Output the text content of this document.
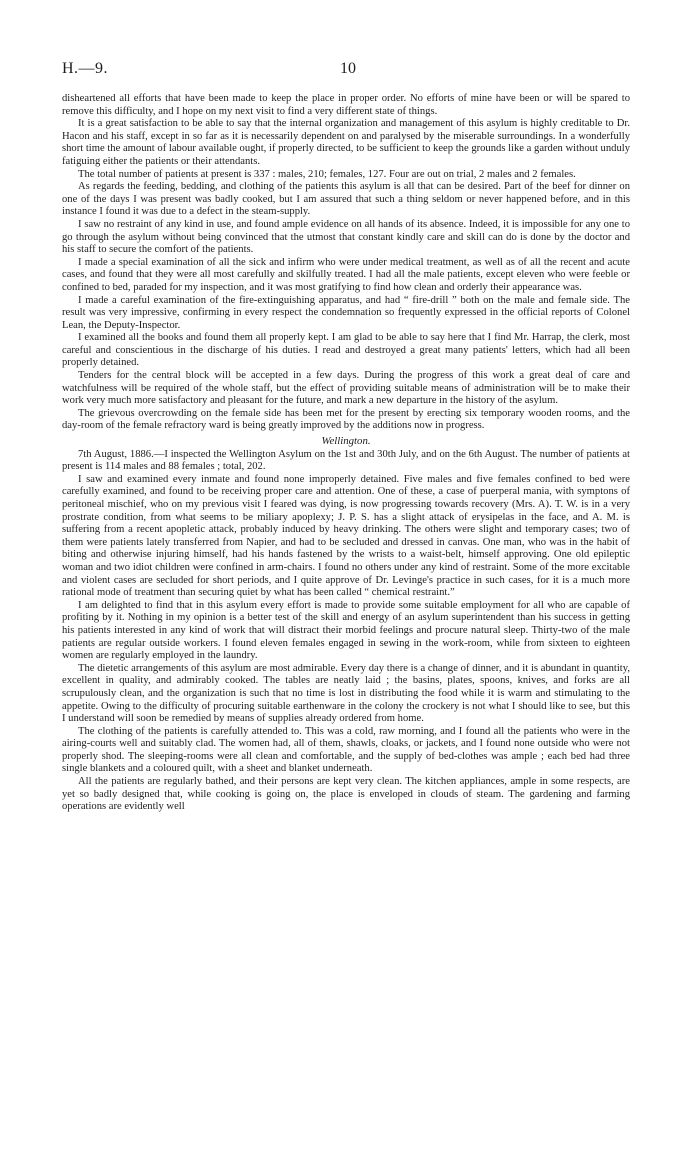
H.—9.	10

disheartened all efforts that have been made to keep the place in proper order. No efforts of mine have been or will be spared to remove this difficulty, and I hope on my next visit to find a very different state of things.

It is a great satisfaction to be able to say that the internal organization and management of this asylum is highly creditable to Dr. Hacon and his staff, except in so far as it is necessarily dependent on and paralysed by the miserable surroundings. In a wonderfully short time the amount of labour available ought, if properly directed, to be sufficient to keep the grounds like a garden without unduly fatiguing either the patients or their attendants.

The total number of patients at present is 337 : males, 210; females, 127. Four are out on trial, 2 males and 2 females.

As regards the feeding, bedding, and clothing of the patients this asylum is all that can be desired. Part of the beef for dinner on one of the days I was present was badly cooked, but I am assured that such a thing seldom or never happened before, and in this instance I found it was due to a defect in the steam-supply.

I saw no restraint of any kind in use, and found ample evidence on all hands of its absence. Indeed, it is impossible for any one to go through the asylum without being convinced that the utmost that constant kindly care and skill can do is done by the doctor and his staff to secure the comfort of the patients.

I made a special examination of all the sick and infirm who were under medical treatment, as well as of all the recent and acute cases, and found that they were all most carefully and skilfully treated. I had all the male patients, except eleven who were feeble or confined to bed, paraded for my inspection, and it was most gratifying to find how clean and orderly their appearance was.

I made a careful examination of the fire-extinguishing apparatus, and had “ fire-drill ” both on the male and female side. The result was very impressive, confirming in every respect the condemnation so frequently expressed in the official reports of Colonel Lean, the Deputy-Inspector.

I examined all the books and found them all properly kept. I am glad to be able to say here that I find Mr. Harrap, the clerk, most careful and conscientious in the discharge of his duties. I read and destroyed a great many patients' letters, which had all been properly detained.

Tenders for the central block will be accepted in a few days. During the progress of this work a great deal of care and watchfulness will be required of the whole staff, but the effect of providing suitable means of administration will be to make their work very much more satisfactory and pleasant for the future, and mark a new departure in the history of the asylum.

The grievous overcrowding on the female side has been met for the present by erecting six temporary wooden rooms, and the day-room of the female refractory ward is being greatly improved by the additions now in progress.

Wellington.

7th August, 1886.—I inspected the Wellington Asylum on the 1st and 30th July, and on the 6th August. The number of patients at present is 114 males and 88 females ; total, 202.

I saw and examined every inmate and found none improperly detained. Five males and five females confined to bed were carefully examined, and found to be receiving proper care and attention. One of these, a case of puerperal mania, with symptons of peritoneal mischief, who on my previous visit I feared was dying, is now progressing towards recovery (Mrs. A). T. W. is in a very prostrate condition, from what seems to be miliary apoplexy; J. P. S. has a slight attack of erysipelas in the face, and A. M. is suffering from a recent apopletic attack, probably induced by heavy drinking. The others were slight and temporary cases; two of them were patients lately transferred from Napier, and had to be secluded and dressed in canvas. One man, who was in the habit of biting and otherwise injuring himself, had his hands fastened by the wrists to a waist-belt, himself approving. One old epileptic woman and two idiot children were confined in arm-chairs. I found no others under any kind of restraint. Some of the more excitable and violent cases are secluded for short periods, and I quite approve of Dr. Levinge's practice in such cases, for it is a much more rational mode of treatment than securing quiet by what has been called “ chemical restraint.”

I am delighted to find that in this asylum every effort is made to provide some suitable employment for all who are capable of profiting by it. Nothing in my opinion is a better test of the skill and energy of an asylum superintendent than his success in getting his patients interested in any kind of work that will distract their morbid feelings and procure natural sleep. Thirty-two of the male patients are regular outside workers. I found eleven females engaged in sewing in the work-room, while from sixteen to eighteen women are regularly employed in the laundry.

The dietetic arrangements of this asylum are most admirable. Every day there is a change of dinner, and it is abundant in quantity, excellent in quality, and admirably cooked. The tables are neatly laid ; the basins, plates, spoons, knives, and forks are all scrupulously clean, and the organization is such that no time is lost in distributing the food while it is warm and stimulating to the appetite. Owing to the difficulty of procuring suitable earthenware in the colony the crockery is not what I should like to see, but this I understand will soon be remedied by means of supplies already ordered from home.

The clothing of the patients is carefully attended to. This was a cold, raw morning, and I found all the patients who were in the airing-courts well and suitably clad. The women had, all of them, shawls, cloaks, or jackets, and I found none outside who were not properly shod. The sleeping-rooms were all clean and comfortable, and the supply of bed-clothes was ample ; each bed had three single blankets and a coloured quilt, with a sheet and blanket underneath.

All the patients are regularly bathed, and their persons are kept very clean. The kitchen appliances, ample in some respects, are yet so badly designed that, while cooking is going on, the place is enveloped in clouds of steam. The gardening and farming operations are evidently well
